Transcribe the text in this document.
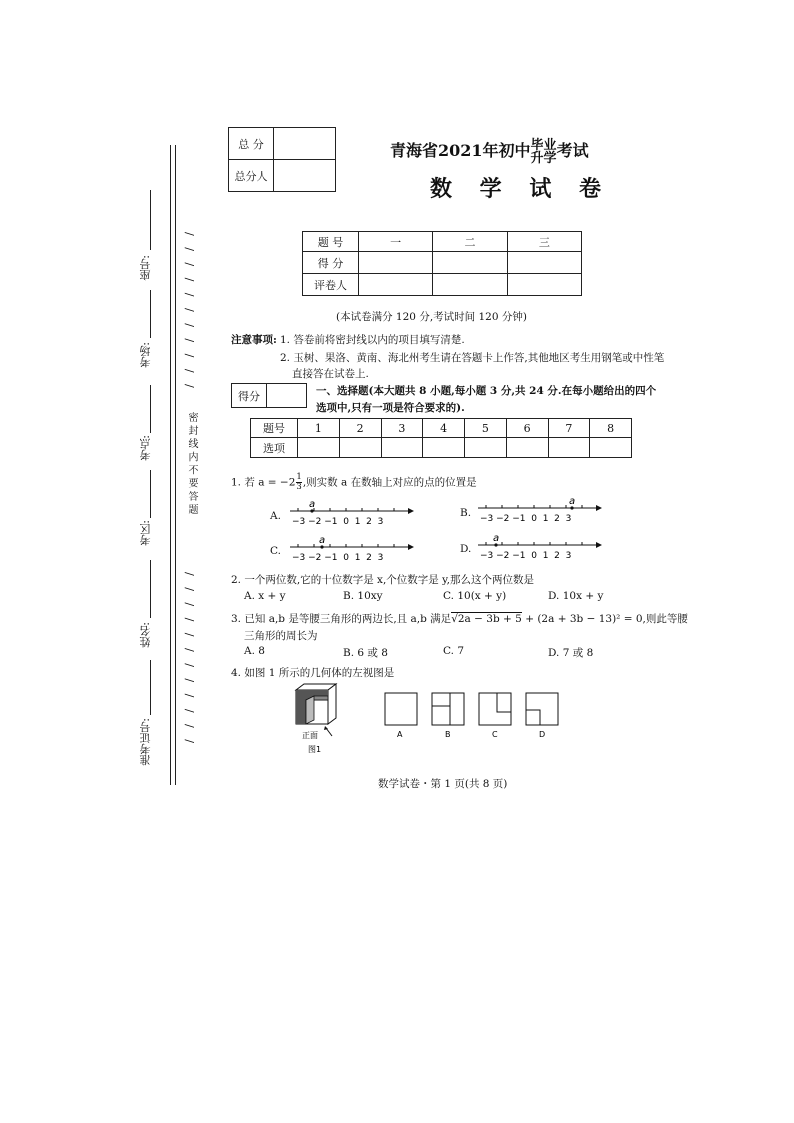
座号:
考场:
考点:
考区:
姓名:
准考证号:
/ / / / / / / / / / /
密 封 线 内 不 要 答 题
/ / / / / / / / / / / /
总 分	
总分人	
青海省2021年初中 毕业
升学 考试
数 学 试 卷
题 号	一	二	三
得 分			
评卷人			
(本试卷满分 120 分,考试时间 120 分钟)
注意事项: 1. 答卷前将密封线以内的项目填写清楚.
2. 玉树、果洛、黄南、海北州考生请在答题卡上作答,其他地区考生用钢笔或中性笔
直接答在试卷上.
得分		一、选择题(本大题共 8 小题,每小题 3 分,共 24 分.在每小题给出的四个
选项中,只有一项是符合要求的).
题号	1	2	3	4	5	6	7	8
选项								
1. 若 $a = -2 \frac{1}{3}$ ,则实数 a 在数轴上对应的点的位置是
A.
a
−3 −2 −1  0  1  2  3
B.
a
−3 −2 −1  0  1  2  3
C.
a
−3 −2 −1  0  1  2  3
D.
a
−3 −2 −1  0  1  2  3
2. 一个两位数,它的十位数字是 x,个位数字是 y,那么这个两位数是
A. x + y	B. 10xy	C. 10(x + y)	D. 10x + y
3. 已知 a,b 是等腰三角形的两边长,且 a,b 满足√2a − 3b + 5 + (2a + 3b − 13)² = 0,则此等腰
三角形的周长为
A. 8	B. 6 或 8	C. 7	D. 7 或 8
4. 如图 1 所示的几何体的左视图是
正面
图1
A	B	C	D
数学试卷・第 1 页(共 8 页)
